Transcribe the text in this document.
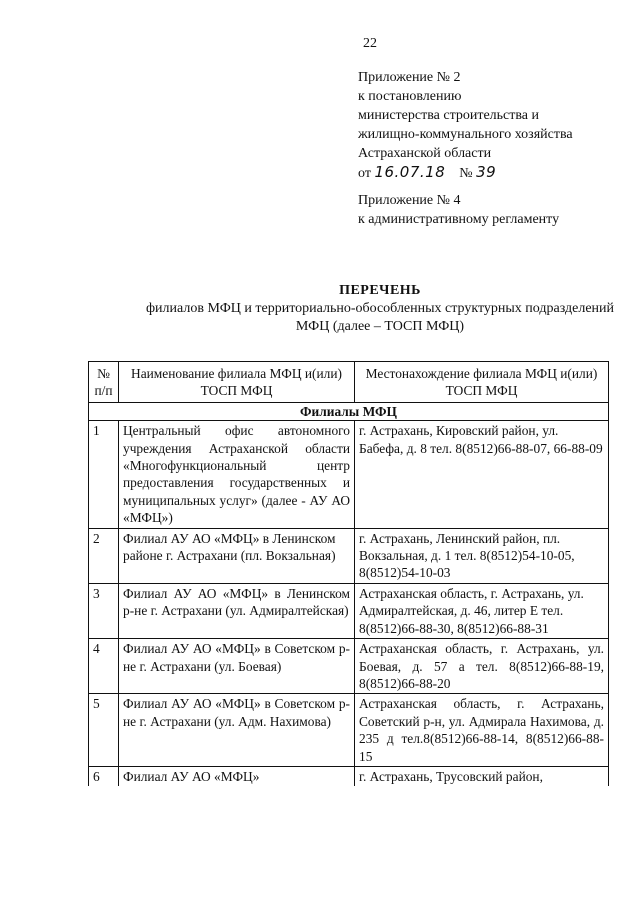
22
Приложение № 2
к постановлению
министерства строительства и
жилищно-коммунального хозяйства
Астраханской области
от 16.07.18 № 39
Приложение № 4
к административному регламенту
ПЕРЕЧЕНЬ
филиалов МФЦ и территориально-обособленных структурных подразделений
МФЦ (далее – ТОСП МФЦ)
№ п/п	Наименование филиала МФЦ и(или) ТОСП МФЦ	Местонахождение филиала МФЦ и(или) ТОСП МФЦ
Филиалы МФЦ		
1	Центральный офис автономного учреждения Астраханской области «Многофункциональный центр предоставления государственных и муниципальных услуг» (далее - АУ АО «МФЦ»)	г. Астрахань, Кировский район, ул. Бабефа, д. 8 тел. 8(8512)66-88-07, 66-88-09
2	Филиал АУ АО «МФЦ» в Ленинском районе г. Астрахани (пл. Вокзальная)	г. Астрахань, Ленинский район, пл. Вокзальная, д. 1 тел. 8(8512)54-10-05, 8(8512)54-10-03
3	Филиал АУ АО «МФЦ» в Ленинском р-не г. Астрахани (ул. Адмиралтейская)	Астраханская область, г. Астрахань, ул. Адмиралтейская, д. 46, литер Е тел. 8(8512)66-88-30, 8(8512)66-88-31
4	Филиал АУ АО «МФЦ» в Советском р-не г. Астрахани (ул. Боевая)	Астраханская область, г. Астрахань, ул. Боевая, д. 57 а тел. 8(8512)66-88-19, 8(8512)66-88-20
5	Филиал АУ АО «МФЦ» в Советском р-не г. Астрахани (ул. Адм. Нахимова)	Астраханская область, г. Астрахань, Советский р-н, ул. Адмирала Нахимова, д. 235 д тел.8(8512)66-88-14, 8(8512)66-88-15
6	Филиал АУ АО «МФЦ»	г. Астрахань, Трусовский район,
